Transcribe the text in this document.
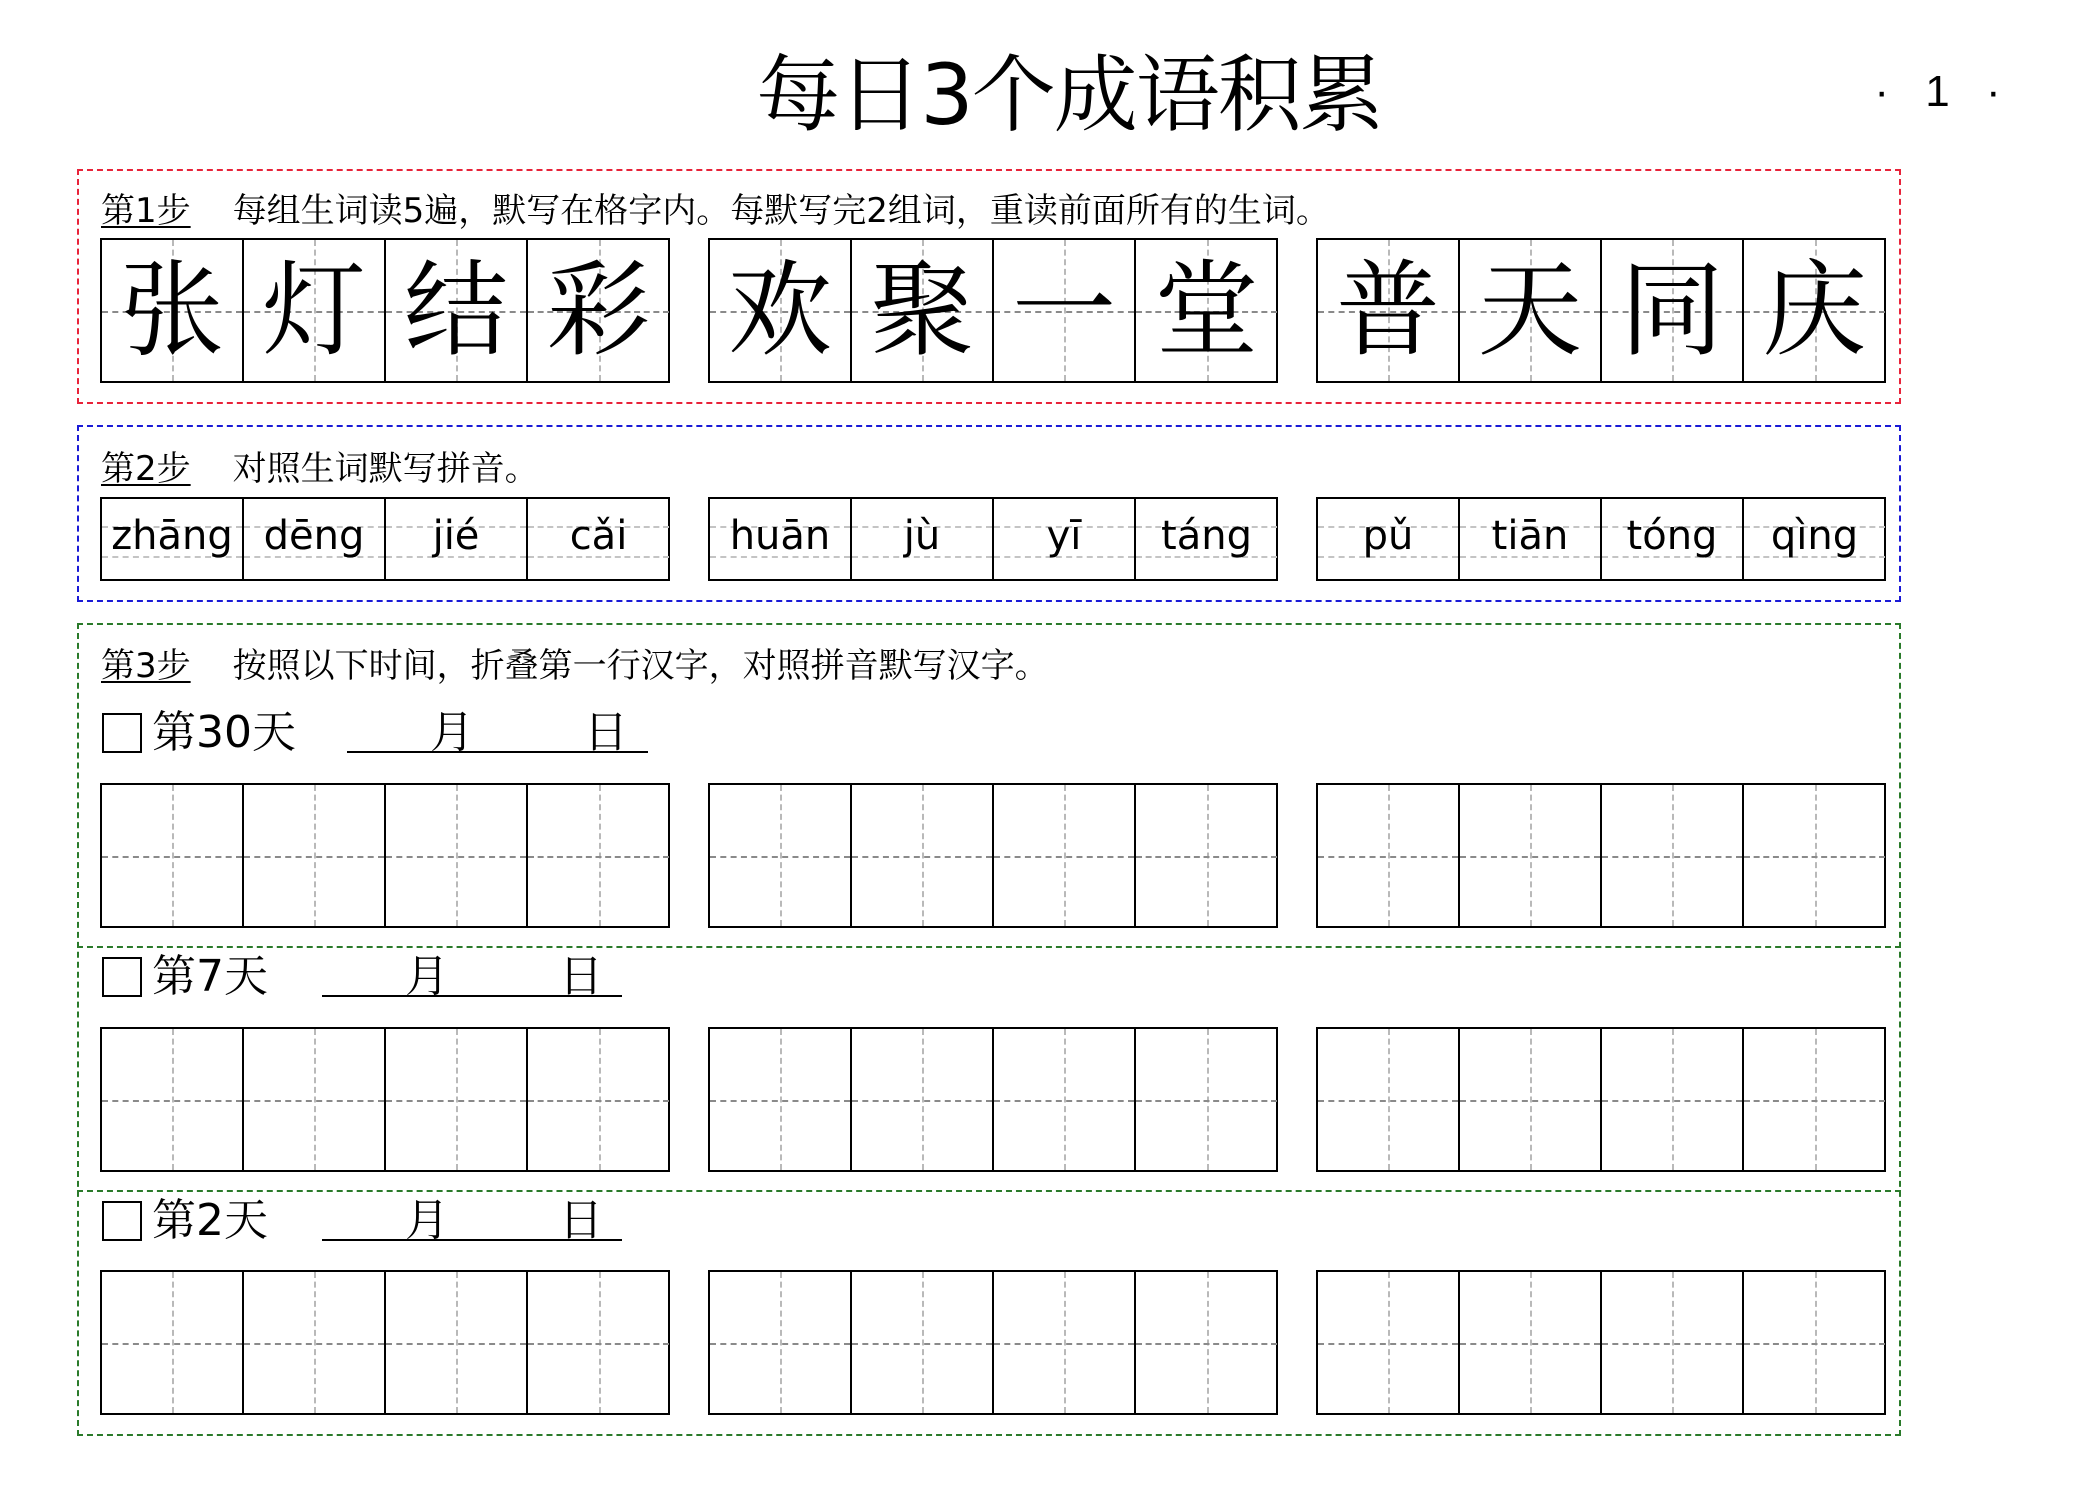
每日3个成语积累	· 1 ·
第1步 每组生词读5遍，默写在格字内。每默写完2组词，重读前面所有的生词。
张 灯 结 彩 欢 聚 一 堂 普 天 同 庆
第2步 对照生词默写拼音。
zhāng dēng	jié	cǎi	huān	jù	yī	táng	pǔ	tiān	tóng	qìng
第3步 按照以下时间，折叠第一行汉字，对照拼音默写汉字。
第30天	月	日
第7天	月	日
第2天	月	日
